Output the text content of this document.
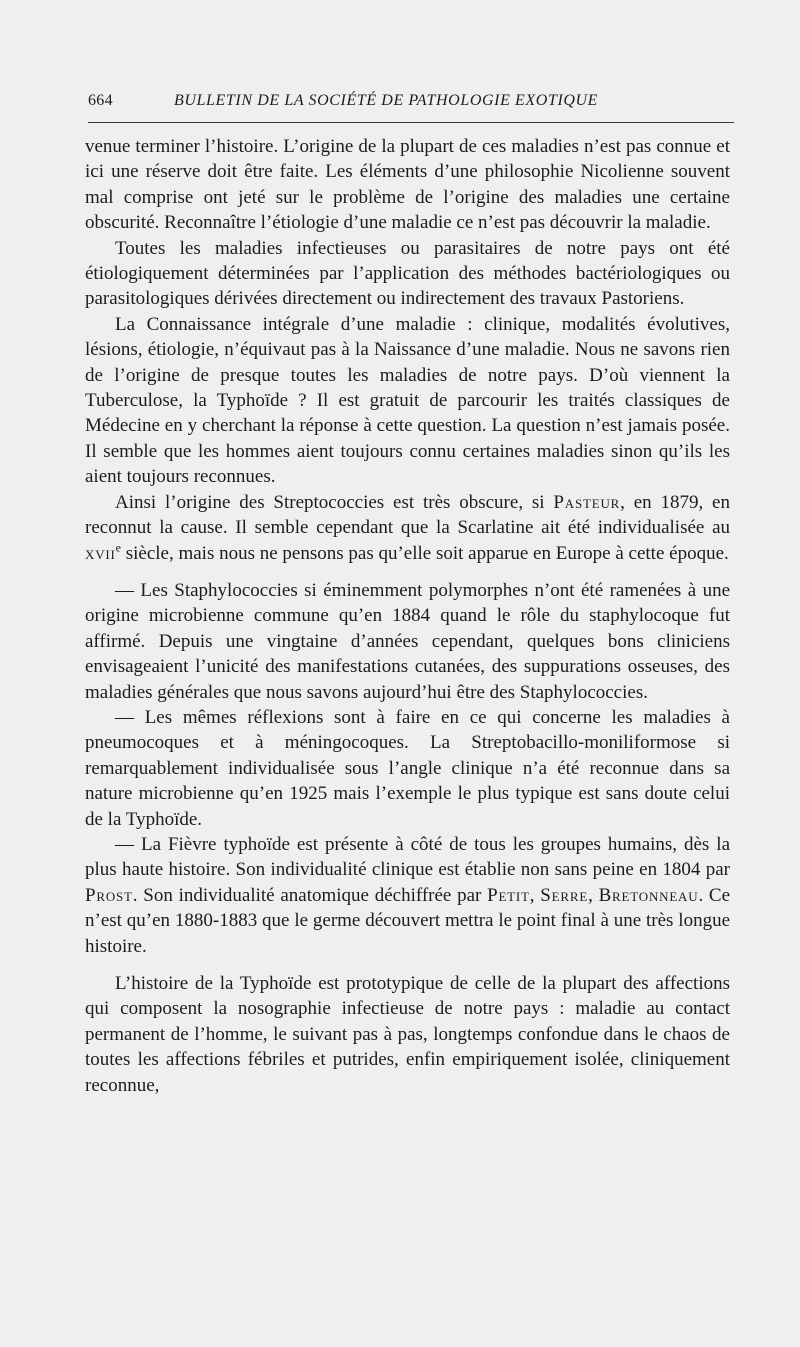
664	BULLETIN DE LA SOCIÉTÉ DE PATHOLOGIE EXOTIQUE

venue terminer l’histoire. L’origine de la plupart de ces maladies n’est pas connue et ici une réserve doit être faite. Les éléments d’une philosophie Nicolienne souvent mal comprise ont jeté sur le problème de l’origine des maladies une certaine obscurité. Reconnaître l’étiologie d’une maladie ce n’est pas découvrir la maladie.

Toutes les maladies infectieuses ou parasitaires de notre pays ont été étiologiquement déterminées par l’application des méthodes bactériologiques ou parasitologiques dérivées directement ou indirectement des travaux Pastoriens.

La Connaissance intégrale d’une maladie : clinique, modalités évolutives, lésions, étiologie, n’équivaut pas à la Naissance d’une maladie. Nous ne savons rien de l’origine de presque toutes les maladies de notre pays. D’où viennent la Tuberculose, la Typhoïde ? Il est gratuit de parcourir les traités classiques de Médecine en y cherchant la réponse à cette question. La question n’est jamais posée. Il semble que les hommes aient toujours connu certaines maladies sinon qu’ils les aient toujours reconnues.

Ainsi l’origine des Streptococcies est très obscure, si Pasteur, en 1879, en reconnut la cause. Il semble cependant que la Scarlatine ait été individualisée au xvii$^e$ siècle, mais nous ne pensons pas qu’elle soit apparue en Europe à cette époque.

— Les Staphylococcies si éminemment polymorphes n’ont été ramenées à une origine microbienne commune qu’en 1884 quand le rôle du staphylocoque fut affirmé. Depuis une vingtaine d’années cependant, quelques bons cliniciens envisageaient l’unicité des manifestations cutanées, des suppurations osseuses, des maladies générales que nous savons aujourd’hui être des Staphylococcies.

— Les mêmes réflexions sont à faire en ce qui concerne les maladies à pneumocoques et à méningocoques. La Streptobacillo-moniliformose si remarquablement individualisée sous l’angle clinique n’a été reconnue dans sa nature microbienne qu’en 1925 mais l’exemple le plus typique est sans doute celui de la Typhoïde.

— La Fièvre typhoïde est présente à côté de tous les groupes humains, dès la plus haute histoire. Son individualité clinique est établie non sans peine en 1804 par Prost. Son individualité anatomique déchiffrée par Petit, Serre, Bretonneau. Ce n’est qu’en 1880-1883 que le germe découvert mettra le point final à une très longue histoire.

L’histoire de la Typhoïde est prototypique de celle de la plupart des affections qui composent la nosographie infectieuse de notre pays : maladie au contact permanent de l’homme, le suivant pas à pas, longtemps confondue dans le chaos de toutes les affections fébriles et putrides, enfin empiriquement isolée, cliniquement reconnue,
